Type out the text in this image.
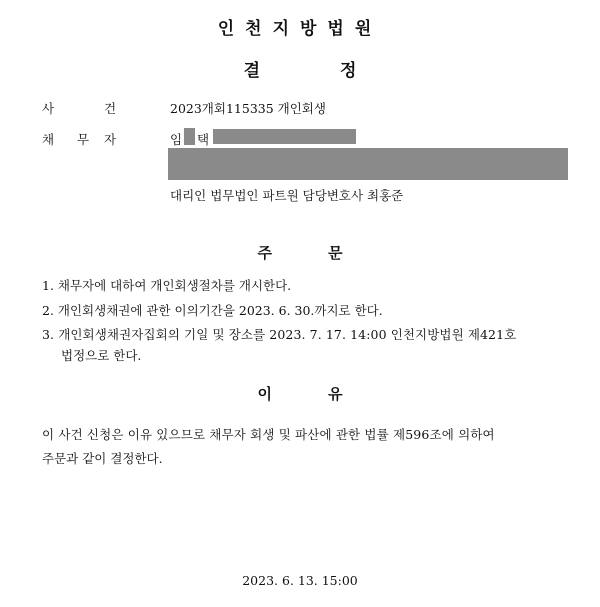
인천지방법원
결	정
사	건	2023개회115335 개인회생
채 무 자	임 택
대리인 법무법인 파트원 담당변호사 최홍준
주	문
1. 채무자에 대하여 개인회생절차를 개시한다.
2. 개인회생채권에 관한 이의기간을 2023. 6. 30.까지로 한다.
3. 개인회생채권자집회의 기일 및 장소를 2023. 7. 17. 14:00 인천지방법원 제421호
법정으로 한다.
이	유
이 사건 신청은 이유 있으므로 채무자 회생 및 파산에 관한 법률 제596조에 의하여
주문과 같이 결정한다.
2023. 6. 13. 15:00
